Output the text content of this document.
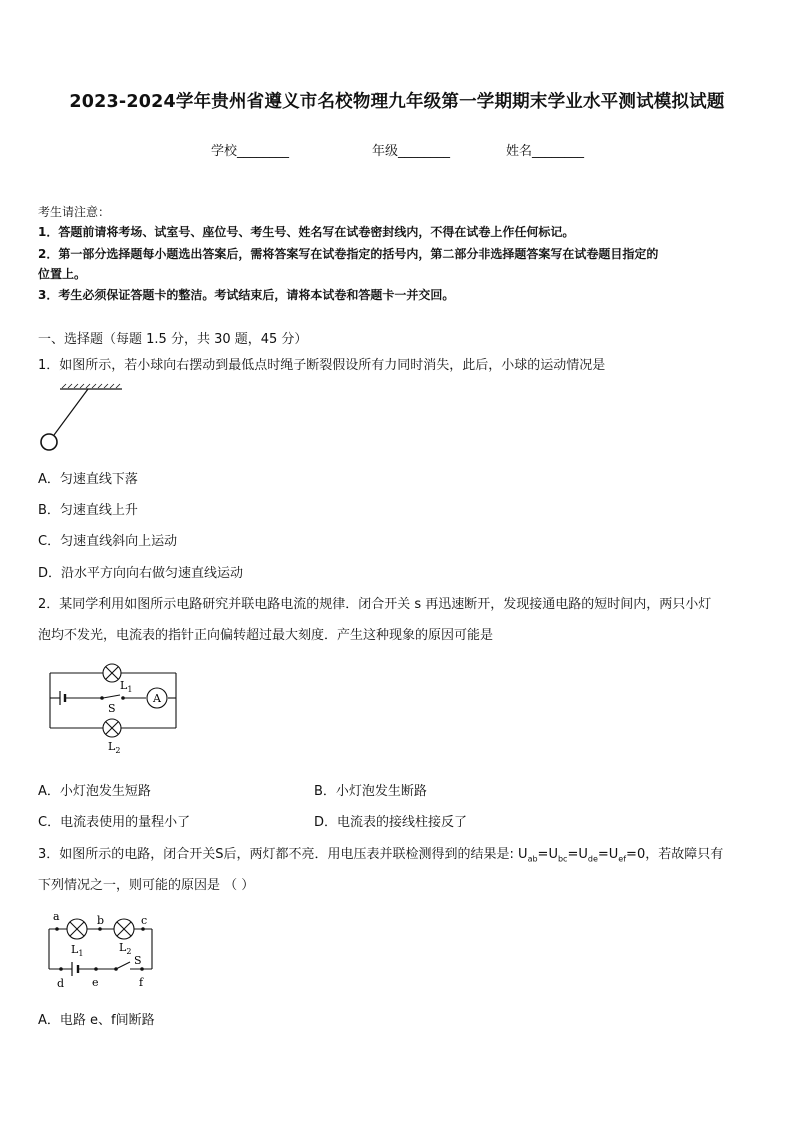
2023-2024学年贵州省遵义市名校物理九年级第一学期期末学业水平测试模拟试题
学校________	年级________	姓名________
考生请注意：
1．答题前请将考场、试室号、座位号、考生号、姓名写在试卷密封线内，不得在试卷上作任何标记。
2．第一部分选择题每小题选出答案后，需将答案写在试卷指定的括号内，第二部分非选择题答案写在试卷题目指定的
位置上。
3．考生必须保证答题卡的整洁。考试结束后，请将本试卷和答题卡一并交回。
一、选择题（每题 1.5 分，共 30 题，45 分）
1．如图所示，若小球向右摆动到最低点时绳子断裂假设所有力同时消失，此后，小球的运动情况是
A．匀速直线下落
B．匀速直线上升
C．匀速直线斜向上运动
D．沿水平方向向右做匀速直线运动
2．某同学利用如图所示电路研究并联电路电流的规律．闭合开关 s 再迅速断开，发现接通电路的短时间内，两只小灯
泡均不发光，电流表的指针正向偏转超过最大刻度．产生这种现象的原因可能是
A
$L_1$
S
$L_2$
A．小灯泡发生短路	B．小灯泡发生断路
C．电流表使用的量程小了	D．电流表的接线柱接反了
3．如图所示的电路，闭合开关S后，两灯都不亮．用电压表并联检测得到的结果是: $U_{ab}=U_{bc}=U_{de}=U_{ef}=0$，若故障只有
下列情况之一，则可能的原因是 （ ）
a	b	c
$L_1$	$L_2$
S
d	e	f
A．电路 e、f间断路
